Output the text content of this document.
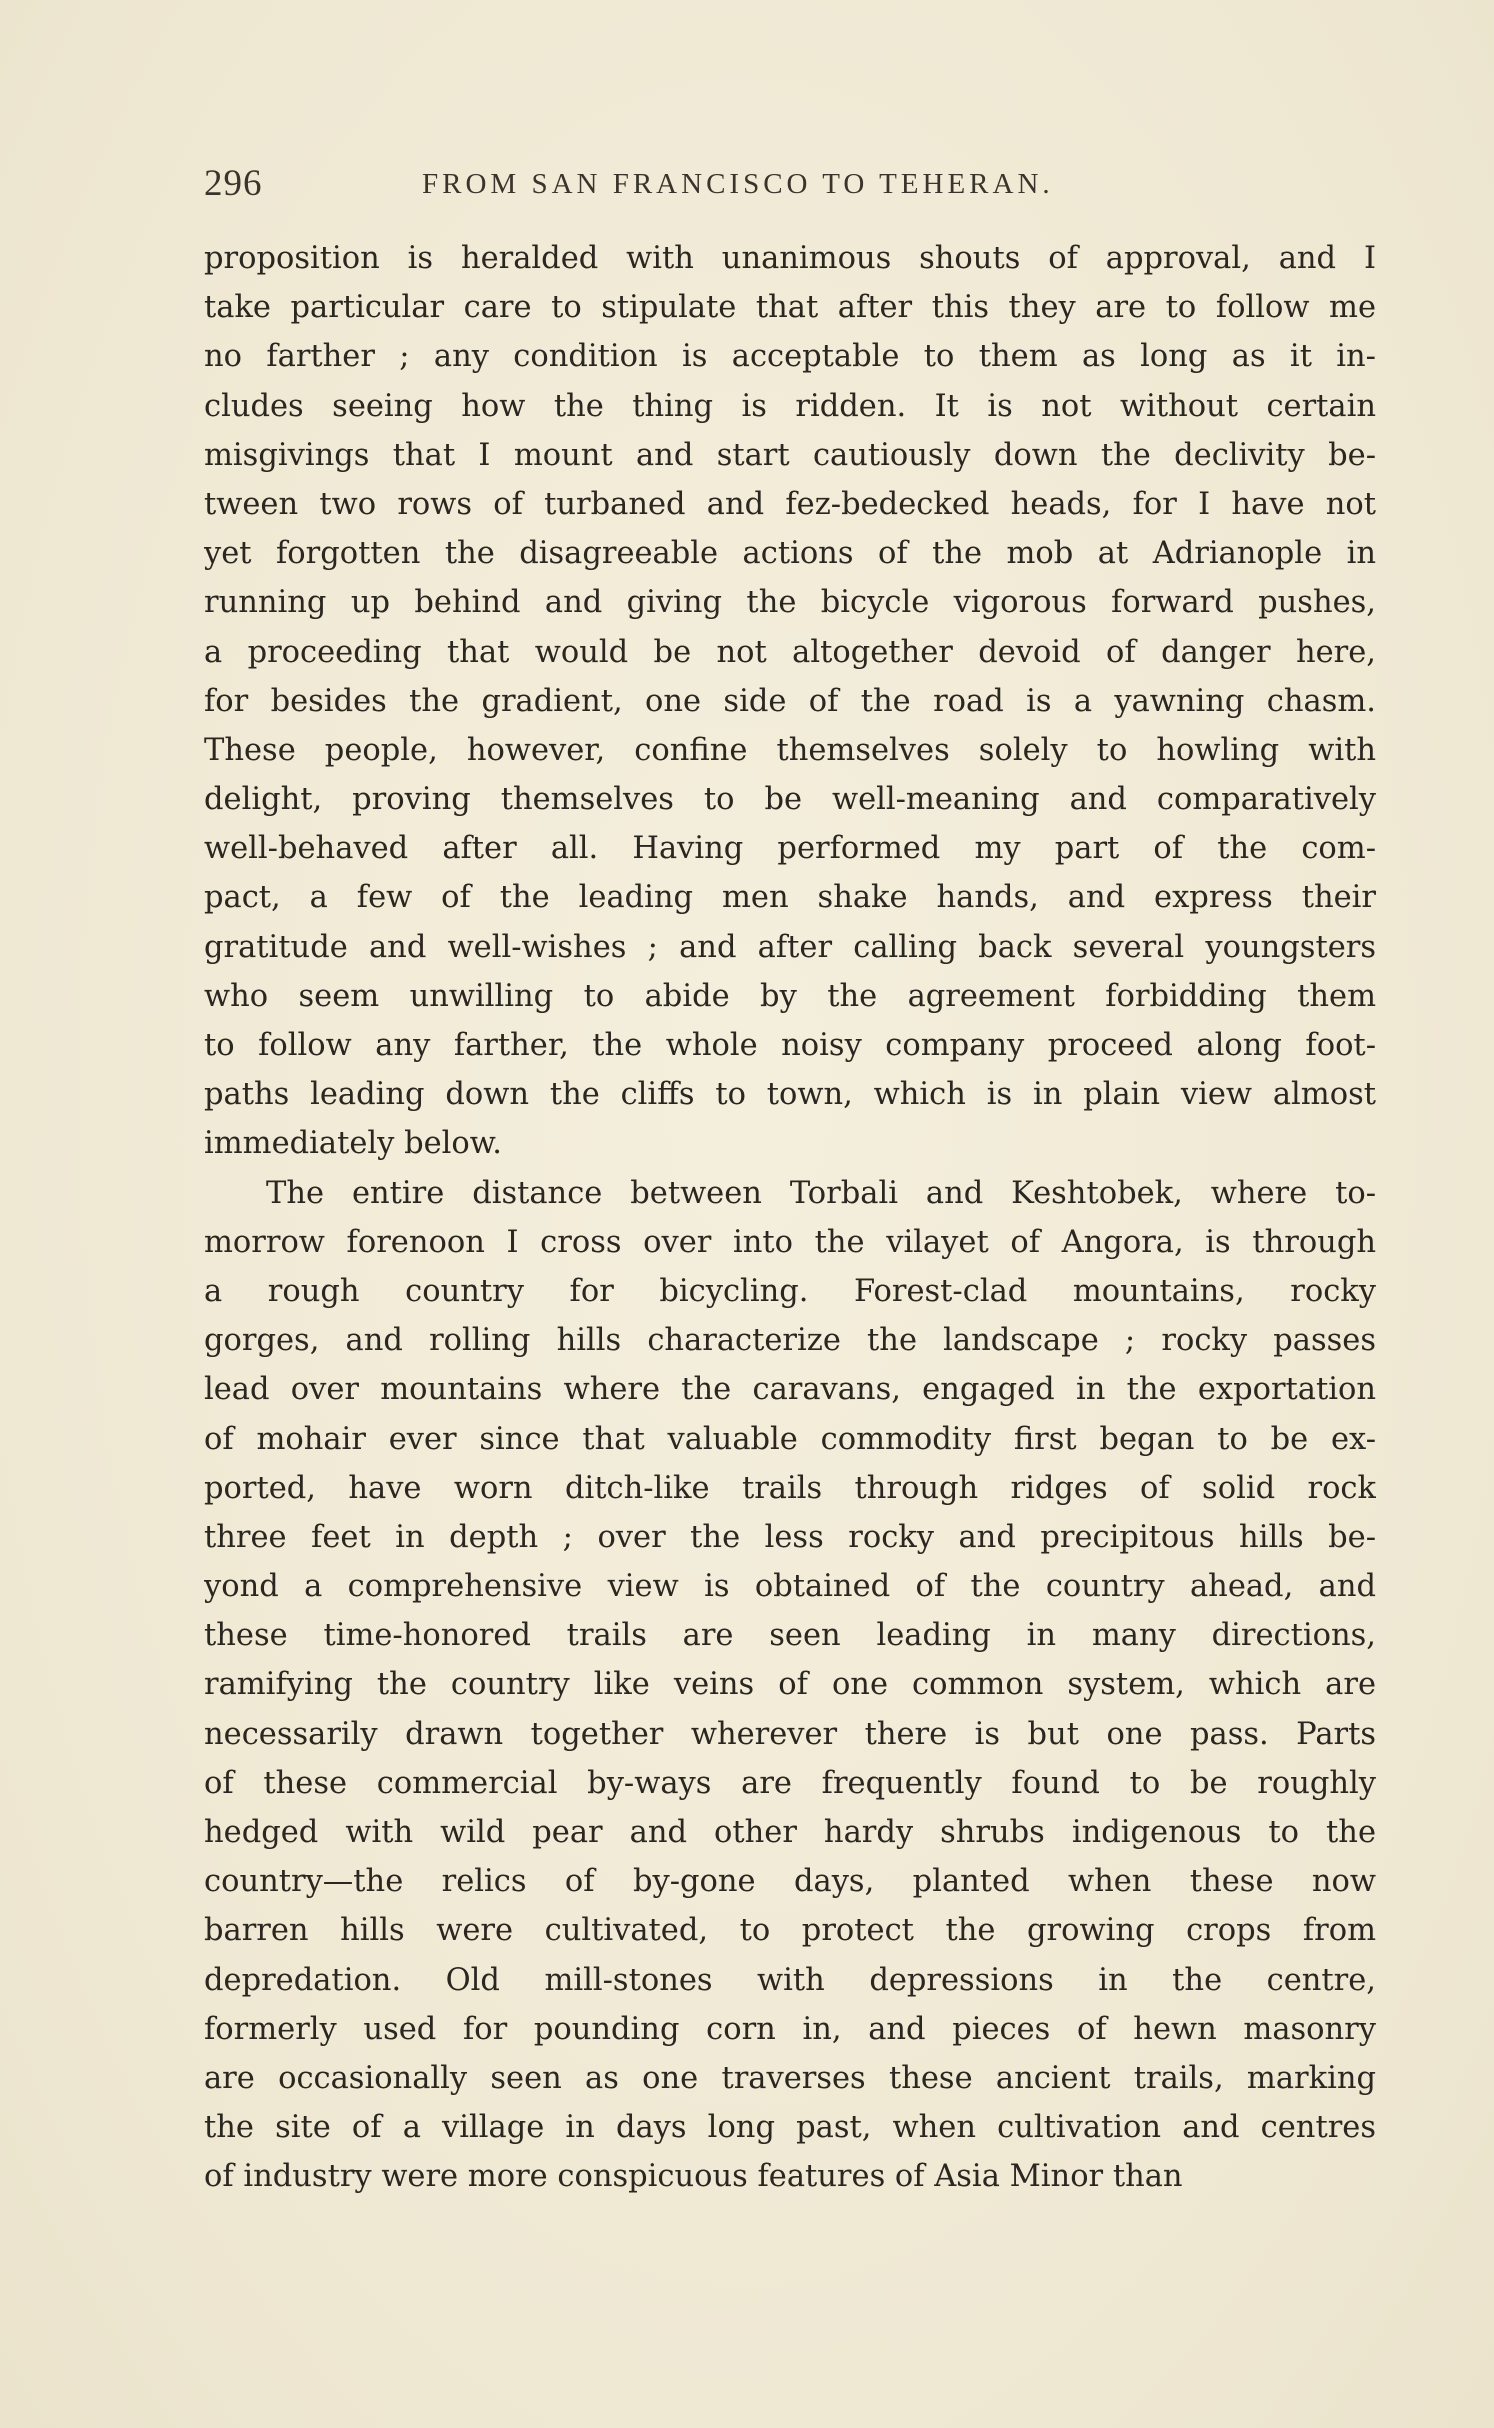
296	FROM SAN FRANCISCO TO TEHERAN.
proposition is heralded with unanimous shouts of approval, and I
take particular care to stipulate that after this they are to follow me
no farther ; any condition is acceptable to them as long as it in-
cludes seeing how the thing is ridden. It is not without certain
misgivings that I mount and start cautiously down the declivity be-
tween two rows of turbaned and fez-bedecked heads, for I have not
yet forgotten the disagreeable actions of the mob at Adrianople in
running up behind and giving the bicycle vigorous forward pushes,
a proceeding that would be not altogether devoid of danger here,
for besides the gradient, one side of the road is a yawning chasm.
These people, however, confine themselves solely to howling with
delight, proving themselves to be well-meaning and comparatively
well-behaved after all. Having performed my part of the com-
pact, a few of the leading men shake hands, and express their
gratitude and well-wishes ; and after calling back several youngsters
who seem unwilling to abide by the agreement forbidding them
to follow any farther, the whole noisy company proceed along foot-
paths leading down the cliffs to town, which is in plain view almost
immediately below.
The entire distance between Torbali and Keshtobek, where to-
morrow forenoon I cross over into the vilayet of Angora, is through
a rough country for bicycling. Forest-clad mountains, rocky
gorges, and rolling hills characterize the landscape ; rocky passes
lead over mountains where the caravans, engaged in the exportation
of mohair ever since that valuable commodity first began to be ex-
ported, have worn ditch-like trails through ridges of solid rock
three feet in depth ; over the less rocky and precipitous hills be-
yond a comprehensive view is obtained of the country ahead, and
these time-honored trails are seen leading in many directions,
ramifying the country like veins of one common system, which are
necessarily drawn together wherever there is but one pass. Parts
of these commercial by-ways are frequently found to be roughly
hedged with wild pear and other hardy shrubs indigenous to the
country—the relics of by-gone days, planted when these now
barren hills were cultivated, to protect the growing crops from
depredation. Old mill-stones with depressions in the centre,
formerly used for pounding corn in, and pieces of hewn masonry
are occasionally seen as one traverses these ancient trails, marking
the site of a village in days long past, when cultivation and centres
of industry were more conspicuous features of Asia Minor than
